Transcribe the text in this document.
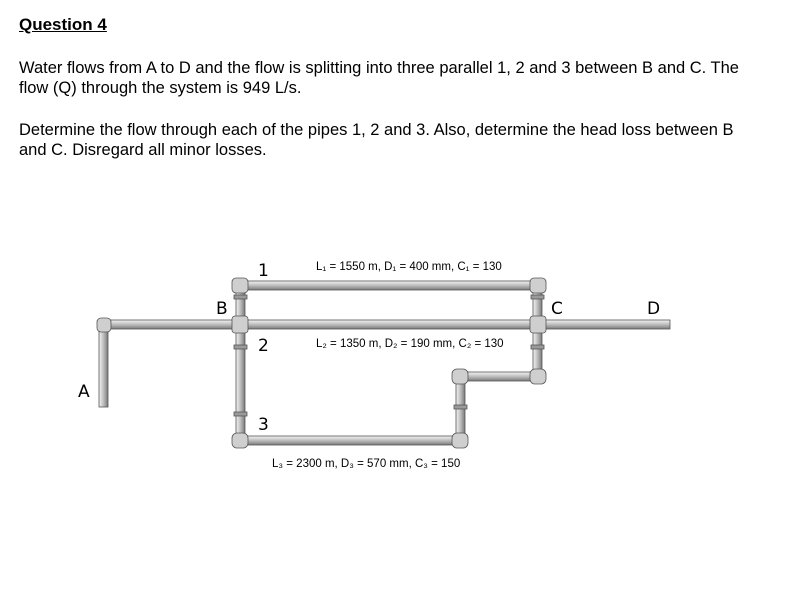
Question 4
Water flows from A to D and the flow is splitting into three parallel 1, 2 and 3 between B and C. The flow (Q) through the system is 949 L/s.
Determine the flow through each of the pipes 1, 2 and 3. Also, determine the head loss between B and C. Disregard all minor losses.
A
B	C	D
1
2
3
L₁ = 1550 m, D₁ = 400 mm, C₁ = 130
L₂ = 1350 m, D₂ = 190 mm, C₂ = 130
L₃ = 2300 m, D₃ = 570 mm, C₃ = 150
